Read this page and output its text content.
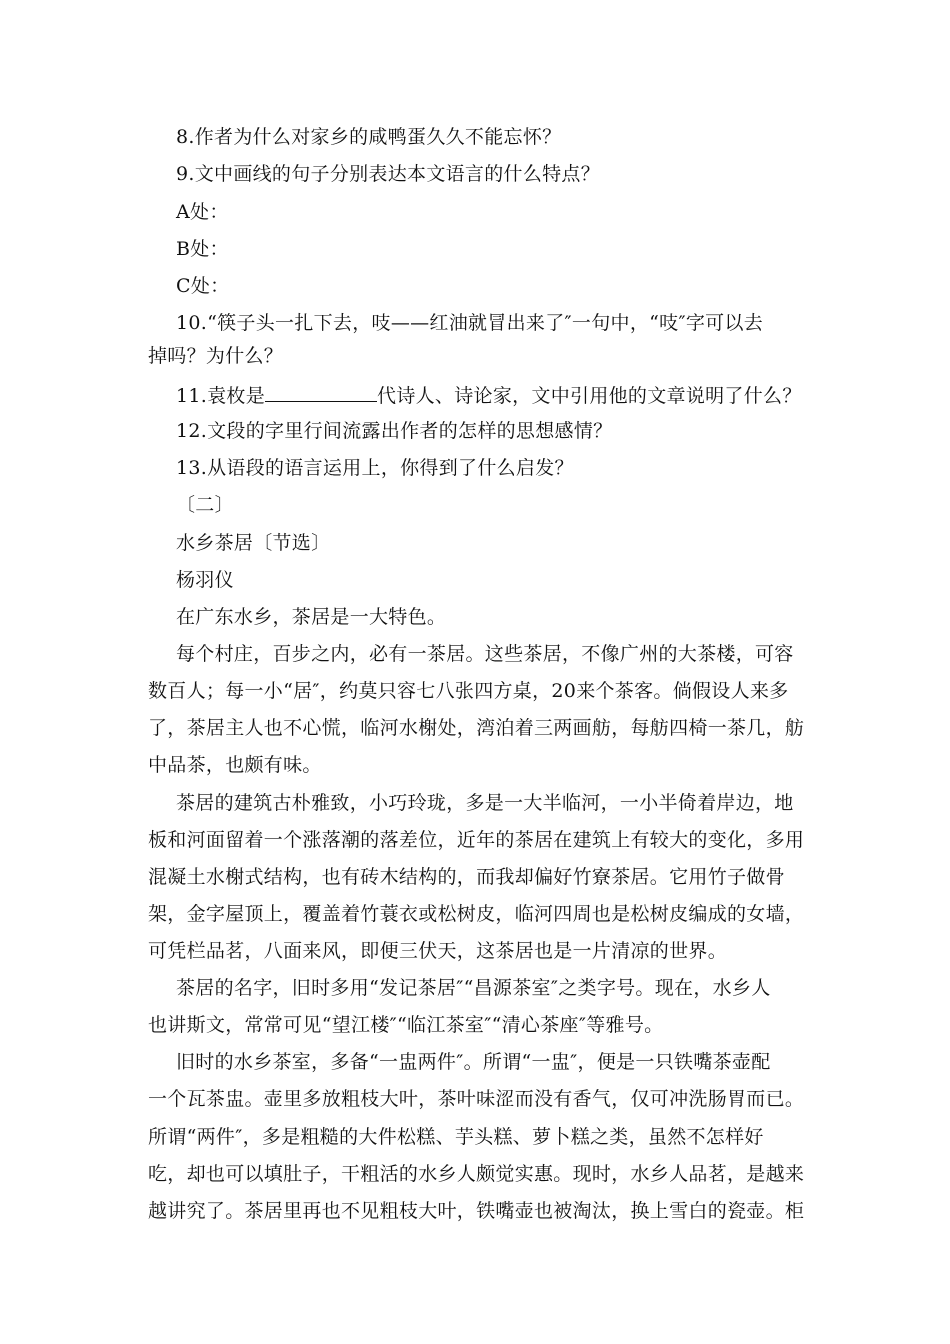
8.作者为什么对家乡的咸鸭蛋久久不能忘怀？
9.文中画线的句子分别表达本文语言的什么特点？
A处：
B处：
C处：
10.“筷子头一扎下去，吱——红油就冒出来了″一句中，“吱″字可以去
掉吗？为什么？
11.袁枚是	代诗人、诗论家，文中引用他的文章说明了什么？
12.文段的字里行间流露出作者的怎样的思想感情？
13.从语段的语言运用上，你得到了什么启发？
〔二〕
水乡茶居〔节选〕
杨羽仪
在广东水乡，茶居是一大特色。
每个村庄，百步之内，必有一茶居。这些茶居，不像广州的大茶楼，可容
数百人；每一小“居″，约莫只容七八张四方桌，20来个茶客。倘假设人来多
了，茶居主人也不心慌，临河水榭处，湾泊着三两画舫，每舫四椅一茶几，舫
中品茶，也颇有味。
茶居的建筑古朴雅致，小巧玲珑，多是一大半临河，一小半倚着岸边，地
板和河面留着一个涨落潮的落差位，近年的茶居在建筑上有较大的变化，多用
混凝土水榭式结构，也有砖木结构的，而我却偏好竹寮茶居。它用竹子做骨
架，金字屋顶上，覆盖着竹蓑衣或松树皮，临河四周也是松树皮编成的女墙，
可凭栏品茗，八面来风，即便三伏天，这茶居也是一片清凉的世界。
茶居的名字，旧时多用“发记茶居″“昌源茶室″之类字号。现在，水乡人
也讲斯文，常常可见“望江楼″“临江茶室″“清心茶座″等雅号。
旧时的水乡茶室，多备“一盅两件″。所谓“一盅″，便是一只铁嘴茶壶配
一个瓦茶盅。壶里多放粗枝大叶，茶叶味涩而没有香气，仅可冲洗肠胃而已。
所谓“两件″，多是粗糙的大件松糕、芋头糕、萝卜糕之类，虽然不怎样好
吃，却也可以填肚子，干粗活的水乡人颇觉实惠。现时，水乡人品茗，是越来
越讲究了。茶居里再也不见粗枝大叶，铁嘴壶也被淘汰，换上雪白的瓷壶。柜
